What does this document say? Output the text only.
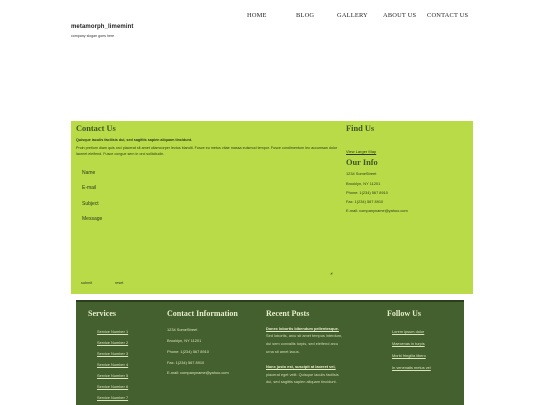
metamorph_limemint
company slogan goes here
HOME	BLOG	GALLERY ABOUT US CONTACT US
Contact Us
Quisque iaculis facilisis dui, sed sagittis sapien aliquam tincidunt.
Proin pretium diam quis orci placerat sit amet ullamcorper lectus blandit. Fusce eu metus vitae massa euismod tempor. Fusce condimentum leo accumsan dolor laoreet eleifend. Fusce congue sem in orci sollicitudin.
Name
E-mail
Subject
Message
◢
submit	reset
Find Us
View Larger Map
Our Info
1234 SomeStreet
Brooklyn, NY 11201
Phone: 1(234) 567 8910
Fax: 1(234) 567 8910
E-mail: companyname@yahoo.com
Services
Service Number 1
Service Number 2
Service Number 3
Service Number 4
Service Number 5
Service Number 6
Service Number 7
Contact Information
1234 SomeStreet
Brooklyn, NY 11201
Phone: 1(234) 567 8910
Fax: 1(234) 567 8910
E-mail: companyname@yahoo.com
Recent Posts
Donec lobortis bibendum pellentesque.
Sed lobortis, arcu sit amet tempus interdum,
dui sem convallis turpis, sed eleifend arcu
urna sit amet lacus.
Nunc justo est, suscipit at laoreet vel,
placerat eget velit. Quisque iaculis facilisis
dui, sed sagittis sapien aliquam tincidunt.
Follow Us
Lorem ipsum dolor
Maecenas in turpis
Morbi fringilla libero
In venenatis metus vel
